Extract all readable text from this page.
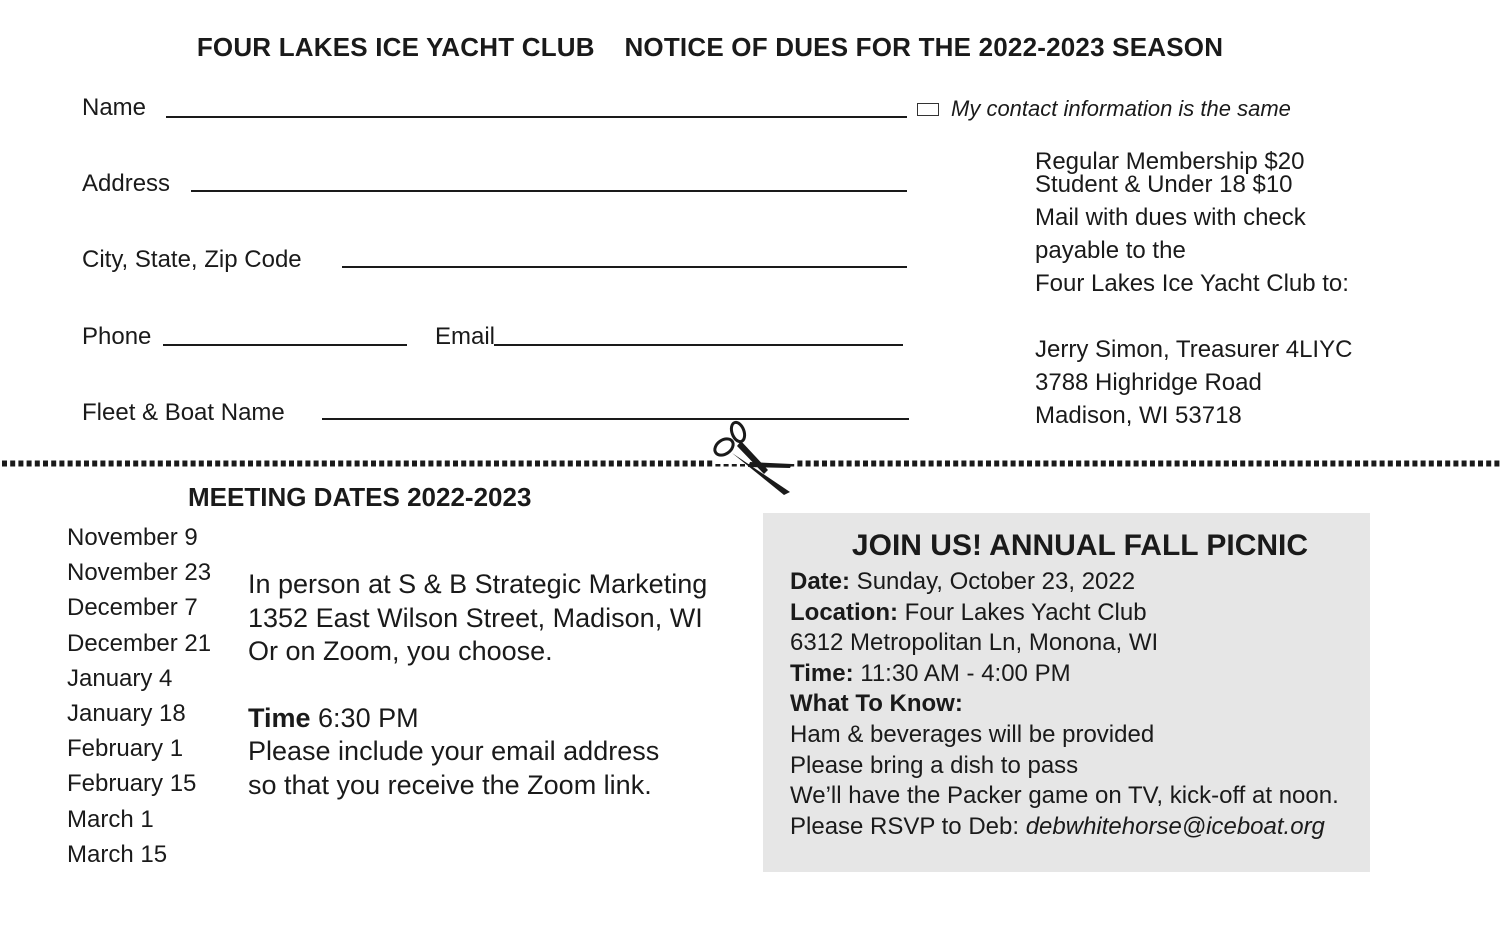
FOUR LAKES ICE YACHT CLUB    NOTICE OF DUES FOR THE 2022-2023 SEASON
Name	My contact information is the same
Address
City, State, Zip Code
Phone	Email
Fleet & Boat Name
Regular Membership $20
Student & Under 18 $10
Mail with dues with check
payable to the
Four Lakes Ice Yacht Club to:
Jerry Simon, Treasurer 4LIYC
3788 Highridge Road
Madison, WI 53718
MEETING DATES 2022-2023
November 9
November 23
December 7
December 21
January 4
January 18
February 1
February 15
March 1
March 15
In person at S & B Strategic Marketing
1352 East Wilson Street, Madison, WI
Or on Zoom, you choose.
Time 6:30 PM
Please include your email address
so that you receive the Zoom link.
JOIN US! ANNUAL FALL PICNIC
Date: Sunday, October 23, 2022
Location: Four Lakes Yacht Club
6312 Metropolitan Ln, Monona, WI
Time: 11:30 AM - 4:00 PM
What To Know:
Ham & beverages will be provided
Please bring a dish to pass
We’ll have the Packer game on TV, kick-off at noon.
Please RSVP to Deb: debwhitehorse@iceboat.org
